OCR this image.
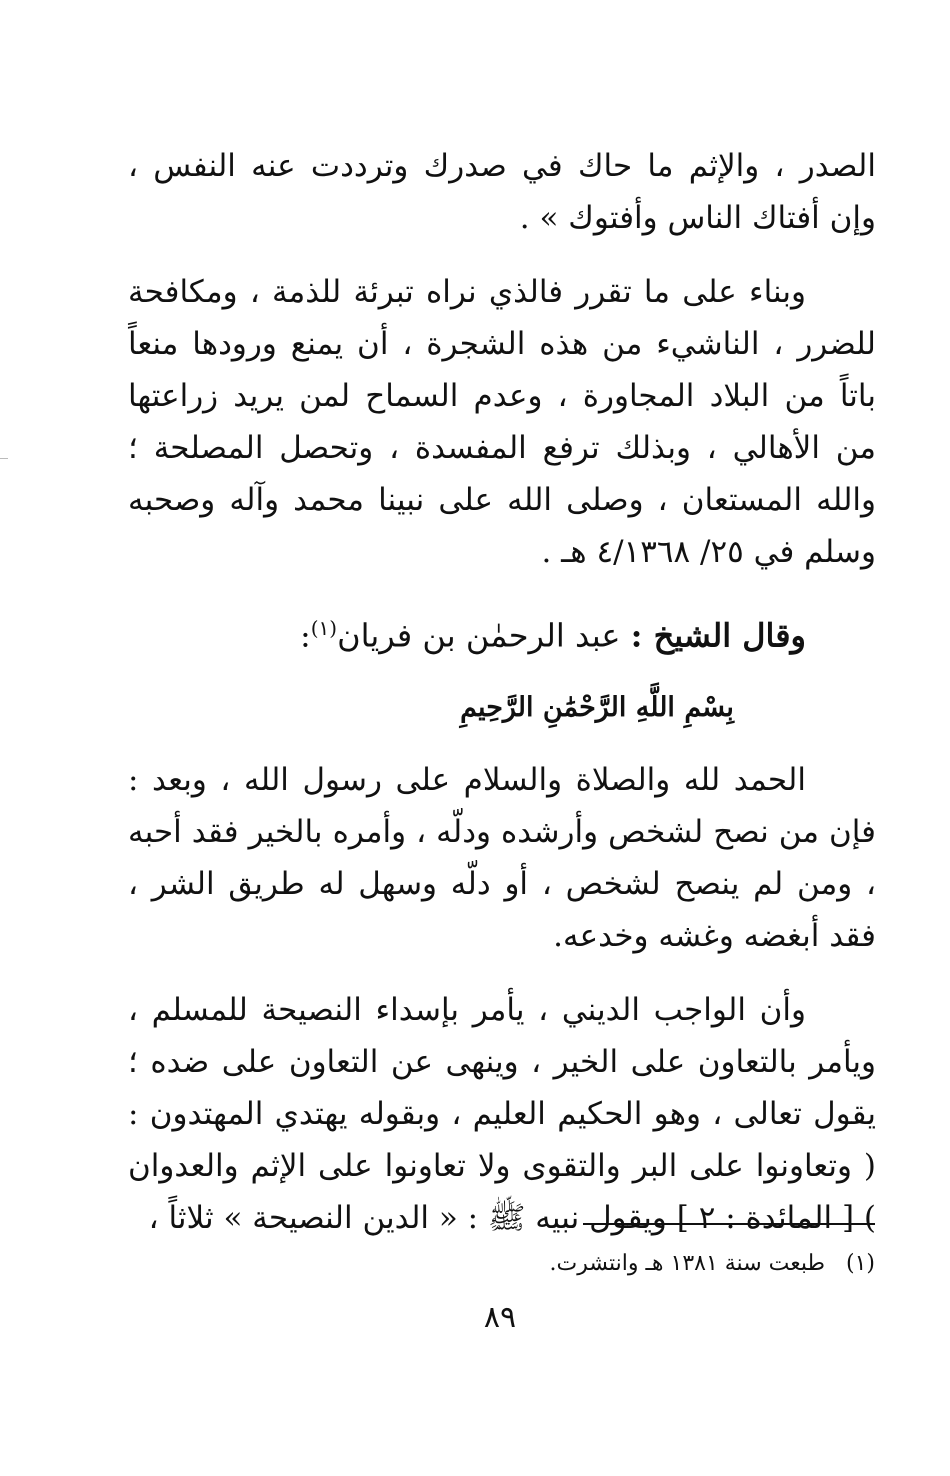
الصدر ، والإثم ما حاك في صدرك وترددت عنه النفس ، وإن أفتاك الناس وأفتوك » .

وبناء على ما تقرر فالذي نراه تبرئة للذمة ، ومكافحة للضرر ، الناشيء من هذه الشجرة ، أن يمنع ورودها منعاً باتاً من البلاد المجاورة ، وعدم السماح لمن يريد زراعتها من الأهالي ، وبذلك ترفع المفسدة ، وتحصل المصلحة ؛ والله المستعان ، وصلى الله على نبينا محمد وآله وصحبه وسلم في ٢٥/ ٤/١٣٦٨ هـ .

وقال الشيخ : عبد الرحمٰن بن فريان$^{(١)}$:
بِسْمِ اللَّهِ الرَّحْمَٰنِ الرَّحِيمِ

الحمد لله والصلاة والسلام على رسول الله ، وبعد : فإن من نصح لشخص وأرشده ودلّه ، وأمره بالخير فقد أحبه ، ومن لم ينصح لشخص ، أو دلّه وسهل له طريق الشر ، فقد أبغضه وغشه وخدعه.

وأن الواجب الديني ، يأمر بإسداء النصيحة للمسلم ، ويأمر بالتعاون على الخير ، وينهى عن التعاون على ضده ؛ يقول تعالى ، وهو الحكيم العليم ، وبقوله يهتدي المهتدون : ( وتعاونوا على البر والتقوى ولا تعاونوا على الإثم والعدوان ) [ المائدة : ٢ ] ويقول نبيه ﷺ : « الدين النصيحة » ثلاثاً ،

(١) طبعت سنة ١٣٨١ هـ وانتشرت.
٨٩
